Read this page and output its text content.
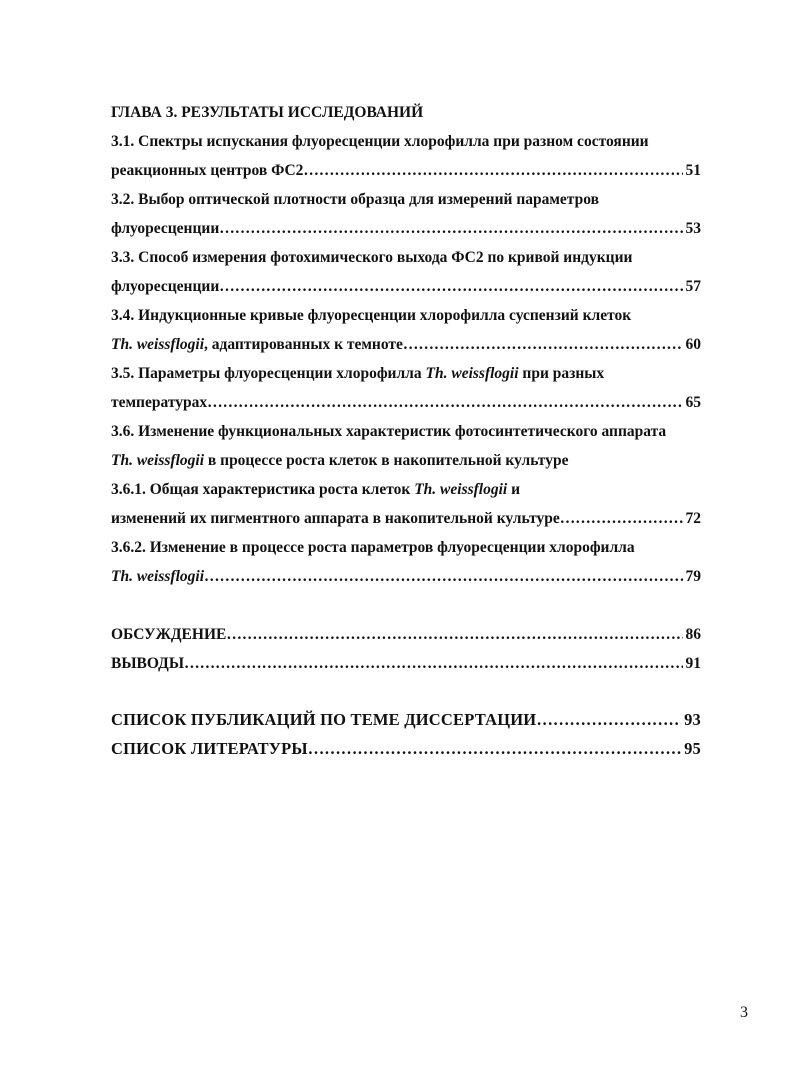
ГЛАВА 3. РЕЗУЛЬТАТЫ ИССЛЕДОВАНИЙ
3.1. Спектры испускания флуоресценции хлорофилла при разном состоянии
реакционных центров ФС2 ………………………………………………………………………………………………………………………………	51
3.2. Выбор оптической плотности образца для измерений параметров
флуоресценции ………………………………………………………………………………………………………………………………	53
3.3. Способ измерения фотохимического выхода ФС2 по кривой индукции
флуоресценции ………………………………………………………………………………………………………………………………	57
3.4. Индукционные кривые флуоресценции хлорофилла суспензий клеток
Th. weissflogii, адаптированных к темноте ………………………………………………………………………………………………………………………………	60
3.5. Параметры флуоресценции хлорофилла Th. weissflogii при разных
температурах ………………………………………………………………………………………………………………………………	65
3.6. Изменение функциональных характеристик фотосинтетического аппарата
Th. weissflogii в процессе роста клеток в накопительной культуре
3.6.1. Общая характеристика роста клеток Th. weissflogii и
изменений их пигментного аппарата в накопительной культуре ………………………………………………………………………………………………………………………………	72
3.6.2. Изменение в процессе роста параметров флуоресценции хлорофилла
Th. weissflogii ………………………………………………………………………………………………………………………………	79
ОБСУЖДЕНИЕ ………………………………………………………………………………………………………………………………	86
ВЫВОДЫ ………………………………………………………………………………………………………………………………	91
СПИСОК ПУБЛИКАЦИЙ ПО ТЕМЕ ДИССЕРТАЦИИ ………………………………………………………………………………………………………………………………	93
СПИСОК ЛИТЕРАТУРЫ ………………………………………………………………………………………………………………………………	95
3
